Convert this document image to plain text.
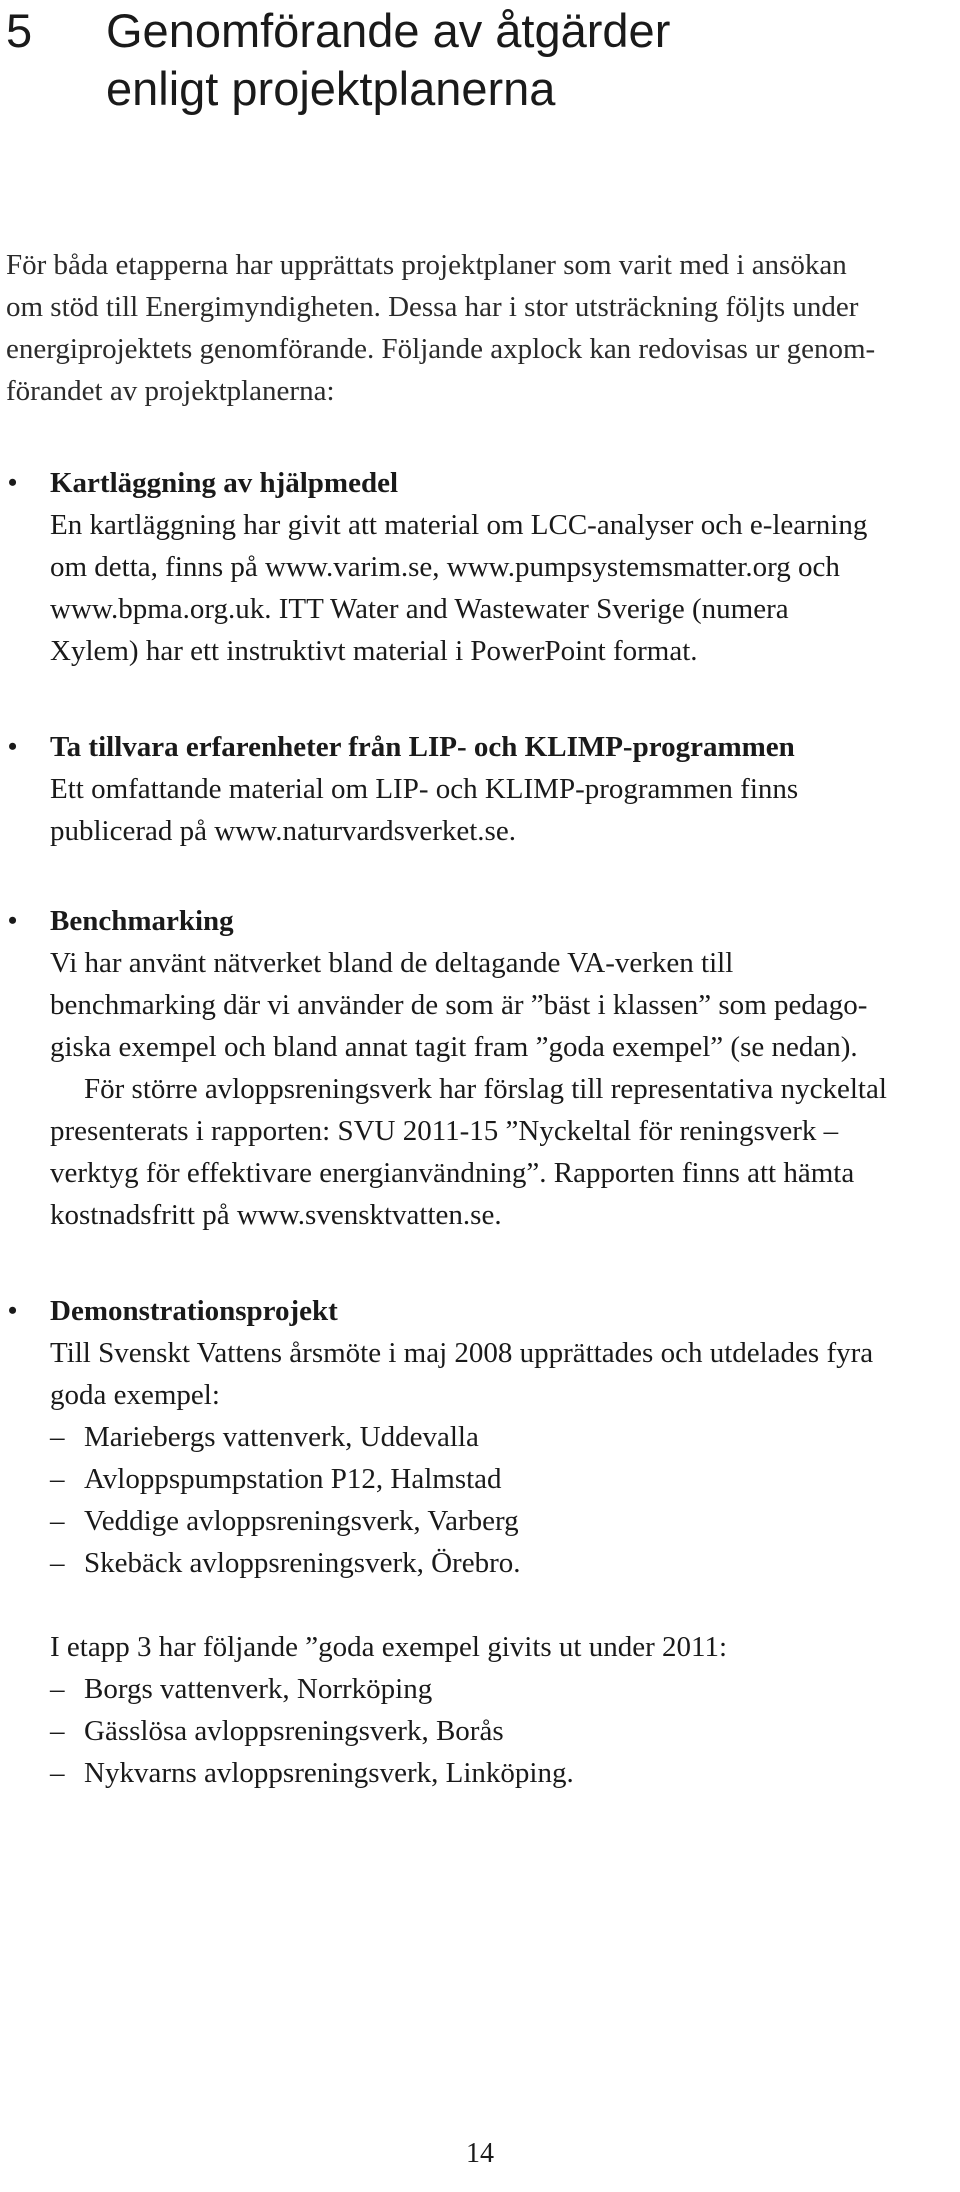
5	Genomförande av åtgärder
enligt projektplanerna
För båda etapperna har upprättats projektplaner som varit med i ansökan
om stöd till Energimyndigheten. Dessa har i stor utsträckning följts under
energiprojektets genomförande. Följande axplock kan redovisas ur genom-
förandet av projektplanerna:
• Kartläggning av hjälpmedel
En kartläggning har givit att material om LCC-analyser och e-learning
om detta, finns på www.varim.se, www.pumpsystemsmatter.org och
www.bpma.org.uk. ITT Water and Wastewater Sverige (numera
Xylem) har ett instruktivt material i PowerPoint format.
• Ta tillvara erfarenheter från LIP- och KLIMP-programmen
Ett omfattande material om LIP- och KLIMP-programmen finns
publicerad på www.naturvardsverket.se.
• Benchmarking
Vi har använt nätverket bland de deltagande VA-verken till
benchmarking där vi använder de som är ”bäst i klassen” som pedago-
giska exempel och bland annat tagit fram ”goda exempel” (se nedan).
För större avloppsreningsverk har förslag till representativa nyckeltal
presenterats i rapporten: SVU 2011-15 ”Nyckeltal för reningsverk –
verktyg för effektivare energianvändning”. Rapporten finns att hämta
kostnadsfritt på www.svensktvatten.se.
• Demonstrationsprojekt
Till Svenskt Vattens årsmöte i maj 2008 upprättades och utdelades fyra
goda exempel:
– Mariebergs vattenverk, Uddevalla
– Avloppspumpstation P12, Halmstad
– Veddige avloppsreningsverk, Varberg
– Skebäck avloppsreningsverk, Örebro.
I etapp 3 har följande ”goda exempel givits ut under 2011:
– Borgs vattenverk, Norrköping
– Gässlösa avloppsreningsverk, Borås
– Nykvarns avloppsreningsverk, Linköping.
14
